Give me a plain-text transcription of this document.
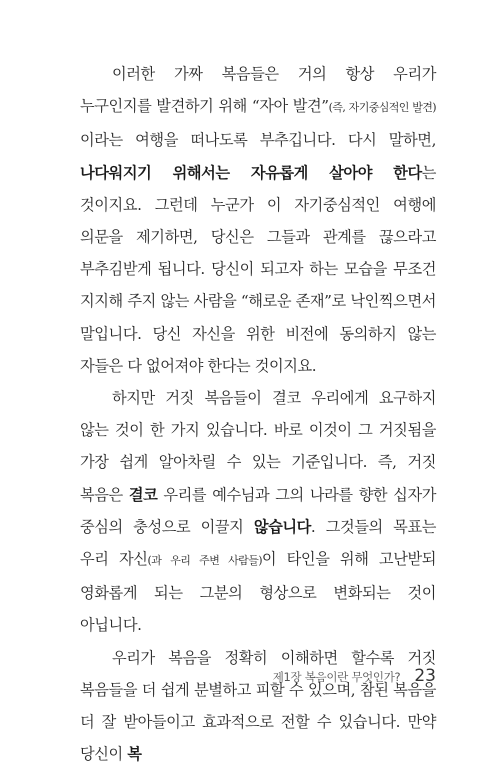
이러한 가짜 복음들은 거의 항상 우리가 누구인지를 발견하기 위해 “자아 발견”(즉, 자기중심적인 발견)이라는 여행을 떠나도록 부추깁니다. 다시 말하면, 나다워지기 위해서는 자유롭게 살아야 한다는 것이지요. 그런데 누군가 이 자기중심적인 여행에 의문을 제기하면, 당신은 그들과 관계를 끊으라고 부추김받게 됩니다. 당신이 되고자 하는 모습을 무조건 지지해 주지 않는 사람을 “해로운 존재”로 낙인찍으면서 말입니다. 당신 자신을 위한 비전에 동의하지 않는 자들은 다 없어져야 한다는 것이지요.

하지만 거짓 복음들이 결코 우리에게 요구하지 않는 것이 한 가지 있습니다. 바로 이것이 그 거짓됨을 가장 쉽게 알아차릴 수 있는 기준입니다. 즉, 거짓 복음은 결코 우리를 예수님과 그의 나라를 향한 십자가 중심의 충성으로 이끌지 않습니다. 그것들의 목표는 우리 자신(과 우리 주변 사람들)이 타인을 위해 고난받되 영화롭게 되는 그분의 형상으로 변화되는 것이 아닙니다.

우리가 복음을 정확히 이해하면 할수록 거짓 복음들을 더 쉽게 분별하고 피할 수 있으며, 참된 복음을 더 잘 받아들이고 효과적으로 전할 수 있습니다. 만약 당신이 복

제1장 복음이란 무엇인가? 23
